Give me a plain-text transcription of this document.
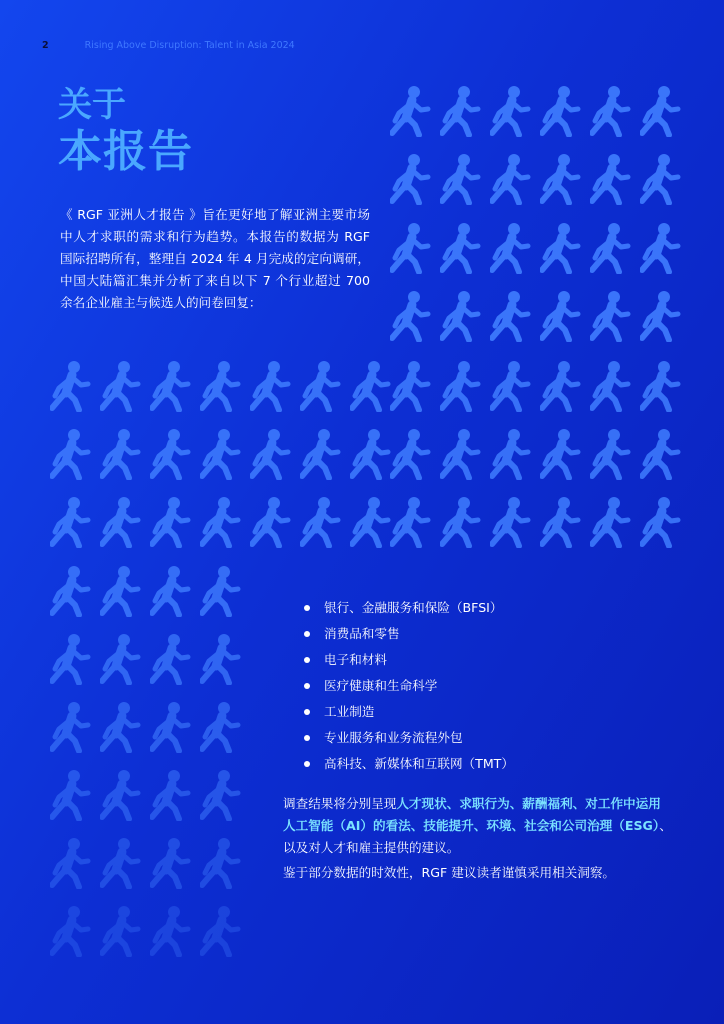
2	Rising Above Disruption: Talent in Asia 2024
关于
本报告

《 RGF 亚洲人才报告 》旨在更好地了解亚洲主要市场中人才求职的需求和行为趋势。本报告的数据为 RGF 国际招聘所有，整理自 2024 年 4 月完成的定向调研，中国大陆篇汇集并分析了来自以下 7 个行业超过 700 余名企业雇主与候选人的问卷回复：

银行、金融服务和保险（BFSI）
消费品和零售
电子和材料
医疗健康和生命科学
工业制造
专业服务和业务流程外包
高科技、新媒体和互联网（TMT）

调查结果将分别呈现人才现状、求职行为、薪酬福利、对工作中运用人工智能（AI）的看法、技能提升、环境、社会和公司治理（ESG）、以及对人才和雇主提供的建议。

鉴于部分数据的时效性，RGF 建议读者谨慎采用相关洞察。
